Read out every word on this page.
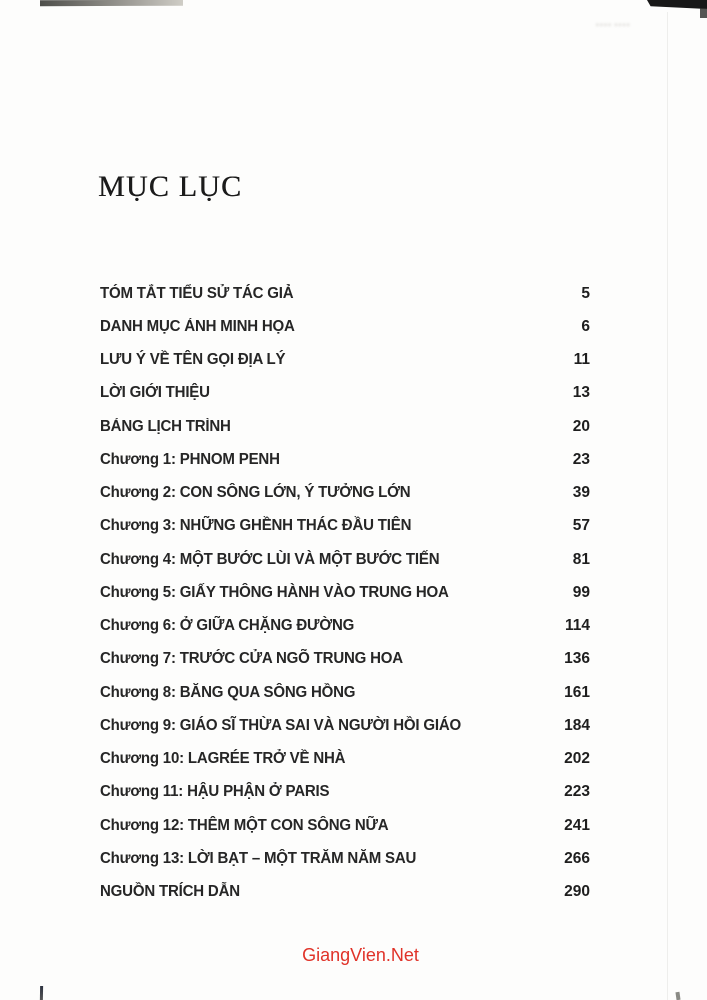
᠁᠁
MỤC LỤC
TÓM TẮT TIỂU SỬ TÁC GIẢ	5
DANH MỤC ẢNH MINH HỌA	6
LƯU Ý VỀ TÊN GỌI ĐỊA LÝ	11
LỜI GIỚI THIỆU	13
BẢNG LỊCH TRÌNH	20
Chương 1: PHNOM PENH	23
Chương 2: CON SÔNG LỚN, Ý TƯỞNG LỚN	39
Chương 3: NHỮNG GHỀNH THÁC ĐẦU TIÊN	57
Chương 4: MỘT BƯỚC LÙI VÀ MỘT BƯỚC TIẾN	81
Chương 5: GIẤY THÔNG HÀNH VÀO TRUNG HOA	99
Chương 6: Ở GIỮA CHẶNG ĐƯỜNG	114
Chương 7: TRƯỚC CỬA NGÕ TRUNG HOA	136
Chương 8: BĂNG QUA SÔNG HỒNG	161
Chương 9: GIÁO SĨ THỪA SAI VÀ NGƯỜI HỒI GIÁO	184
Chương 10: LAGRÉE TRỞ VỀ NHÀ	202
Chương 11: HẬU PHẬN Ở PARIS	223
Chương 12: THÊM MỘT CON SÔNG NỮA	241
Chương 13: LỜI BẠT – MỘT TRĂM NĂM SAU	266
NGUỒN TRÍCH DẪN	290
GiangVien.Net
